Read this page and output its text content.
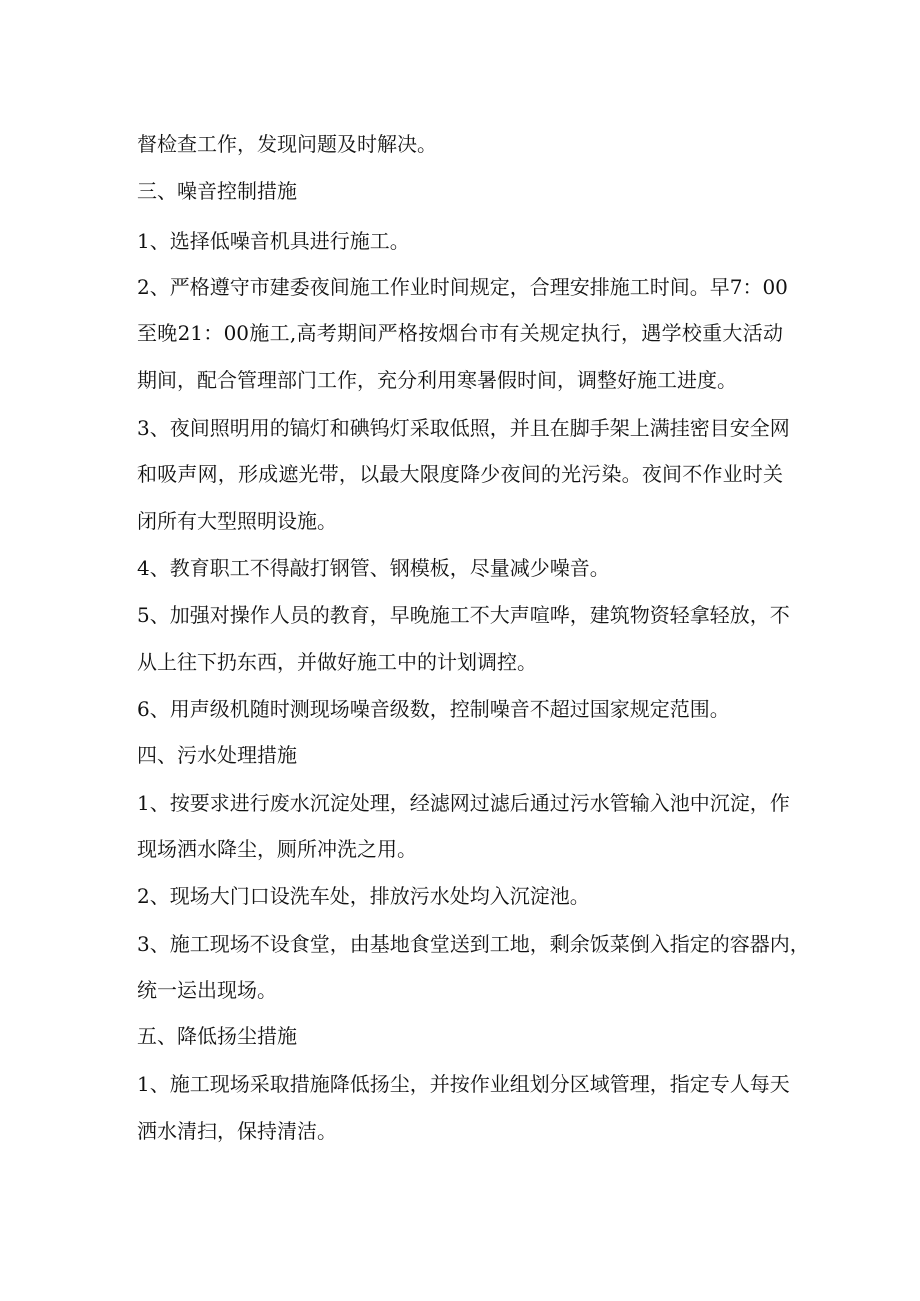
督检查工作，发现问题及时解决。
三、噪音控制措施
1、选择低噪音机具进行施工。
2、严格遵守市建委夜间施工作业时间规定，合理安排施工时间。早7：00
至晚21：00施工,高考期间严格按烟台市有关规定执行，遇学校重大活动
期间，配合管理部门工作，充分利用寒暑假时间，调整好施工进度。
3、夜间照明用的镐灯和碘钨灯采取低照，并且在脚手架上满挂密目安全网
和吸声网，形成遮光带，以最大限度降少夜间的光污染。夜间不作业时关
闭所有大型照明设施。
4、教育职工不得敲打钢管、钢模板，尽量减少噪音。
5、加强对操作人员的教育，早晚施工不大声喧哗，建筑物资轻拿轻放，不
从上往下扔东西，并做好施工中的计划调控。
6、用声级机随时测现场噪音级数，控制噪音不超过国家规定范围。
四、污水处理措施
1、按要求进行废水沉淀处理，经滤网过滤后通过污水管输入池中沉淀，作
现场洒水降尘，厕所冲洗之用。
2、现场大门口设洗车处，排放污水处均入沉淀池。
3、施工现场不设食堂，由基地食堂送到工地，剩余饭菜倒入指定的容器内，
统一运出现场。
五、降低扬尘措施
1、施工现场采取措施降低扬尘，并按作业组划分区域管理，指定专人每天
洒水清扫，保持清洁。
